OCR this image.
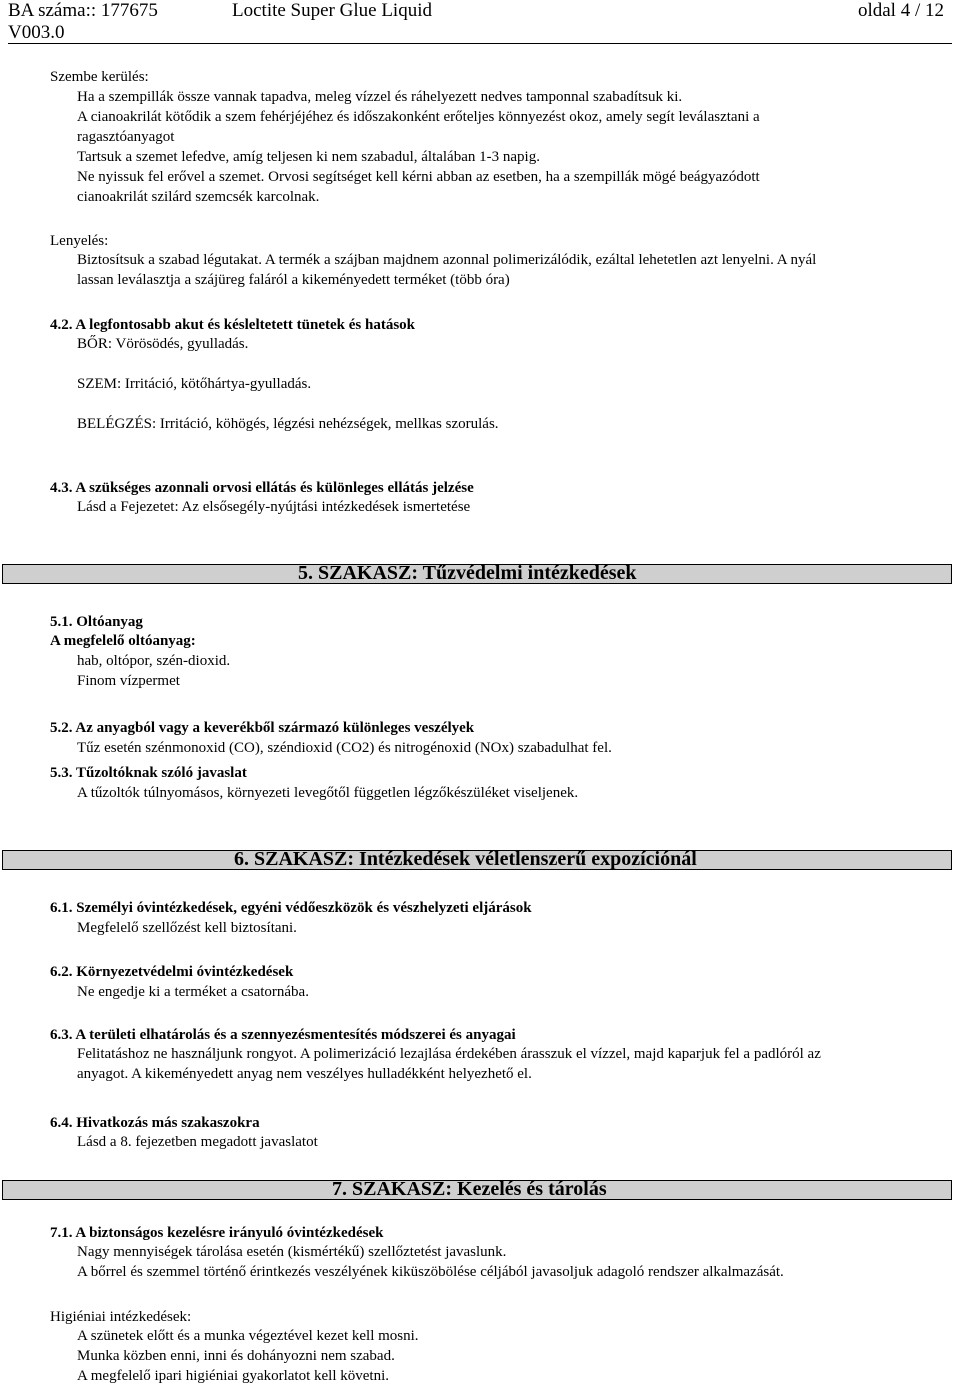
BA száma:: 177675	Loctite Super Glue Liquid	oldal 4 / 12
V003.0
Szembe kerülés:
Ha a szempillák össze vannak tapadva, meleg vízzel és ráhelyezett nedves tamponnal szabadítsuk ki.
A cianoakrilát kötődik a szem fehérjéjéhez és időszakonként erőteljes könnyezést okoz, amely segít leválasztani a
ragasztóanyagot
Tartsuk a szemet lefedve, amíg teljesen ki nem szabadul, általában 1-3 napig.
Ne nyissuk fel erővel a szemet. Orvosi segítséget kell kérni abban az esetben, ha a szempillák mögé beágyazódott
cianoakrilát szilárd szemcsék karcolnak.
Lenyelés:
Biztosítsuk a szabad légutakat. A termék a szájban majdnem azonnal polimerizálódik, ezáltal lehetetlen azt lenyelni. A nyál
lassan leválasztja a szájüreg faláról a kikeményedett terméket (több óra)
4.2. A legfontosabb akut és késleltetett tünetek és hatások
BŐR: Vörösödés, gyulladás.
SZEM: Irritáció, kötőhártya-gyulladás.
BELÉGZÉS: Irritáció, köhögés, légzési nehézségek, mellkas szorulás.
4.3. A szükséges azonnali orvosi ellátás és különleges ellátás jelzése
Lásd a Fejezetet: Az elsősegély-nyújtási intézkedések ismertetése
5. SZAKASZ: Tűzvédelmi intézkedések
5.1. Oltóanyag
A megfelelő oltóanyag:
hab, oltópor, szén-dioxid.
Finom vízpermet
5.2. Az anyagból vagy a keverékből származó különleges veszélyek
Tűz esetén szénmonoxid (CO), széndioxid (CO2) és nitrogénoxid (NOx) szabadulhat fel.
5.3. Tűzoltóknak szóló javaslat
A tűzoltók túlnyomásos, környezeti levegőtől független légzőkészüléket viseljenek.
6. SZAKASZ: Intézkedések véletlenszerű expozíciónál
6.1. Személyi óvintézkedések, egyéni védőeszközök és vészhelyzeti eljárások
Megfelelő szellőzést kell biztosítani.
6.2. Környezetvédelmi óvintézkedések
Ne engedje ki a terméket a csatornába.
6.3. A területi elhatárolás és a szennyezésmentesítés módszerei és anyagai
Felitatáshoz ne használjunk rongyot. A polimerizáció lezajlása érdekében árasszuk el vízzel, majd kaparjuk fel a padlóról az
anyagot. A kikeményedett anyag nem veszélyes hulladékként helyezhető el.
6.4. Hivatkozás más szakaszokra
Lásd a 8. fejezetben megadott javaslatot
7. SZAKASZ: Kezelés és tárolás
7.1. A biztonságos kezelésre irányuló óvintézkedések
Nagy mennyiségek tárolása esetén (kismértékű) szellőztetést javaslunk.
A bőrrel és szemmel történő érintkezés veszélyének kiküszöbölése céljából javasoljuk adagoló rendszer alkalmazását.
Higiéniai intézkedések:
A szünetek előtt és a munka végeztével kezet kell mosni.
Munka közben enni, inni és dohányozni nem szabad.
A megfelelő ipari higiéniai gyakorlatot kell követni.
